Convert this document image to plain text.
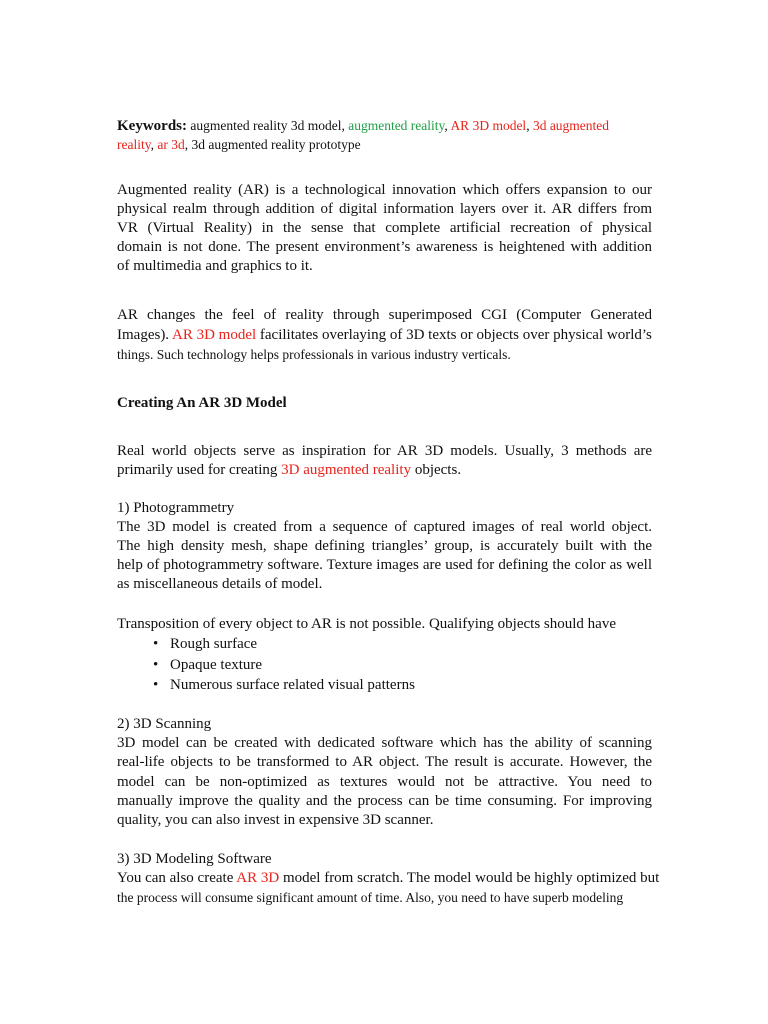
Keywords: augmented reality 3d model, augmented reality, AR 3D model, 3d augmented
reality, ar 3d, 3d augmented reality prototype
Augmented reality (AR) is a technological innovation which offers expansion to our
physical realm through addition of digital information layers over it. AR differs from
VR (Virtual Reality) in the sense that complete artificial recreation of physical
domain is not done. The present environment’s awareness is heightened with addition
of multimedia and graphics to it.
AR changes the feel of reality through superimposed CGI (Computer Generated
Images). AR 3D model facilitates overlaying of 3D texts or objects over physical world’s
things. Such technology helps professionals in various industry verticals.
Creating An AR 3D Model
Real world objects serve as inspiration for AR 3D models. Usually, 3 methods are
primarily used for creating 3D augmented reality objects.
1) Photogrammetry
The 3D model is created from a sequence of captured images of real world object.
The high density mesh, shape defining triangles’ group, is accurately built with the
help of photogrammetry software. Texture images are used for defining the color as well
as miscellaneous details of model.
Transposition of every object to AR is not possible. Qualifying objects should have
• Rough surface
• Opaque texture
• Numerous surface related visual patterns
2) 3D Scanning
3D model can be created with dedicated software which has the ability of scanning
real-life objects to be transformed to AR object. The result is accurate. However, the
model can be non-optimized as textures would not be attractive. You need to
manually improve the quality and the process can be time consuming. For improving
quality, you can also invest in expensive 3D scanner.
3) 3D Modeling Software
You can also create AR 3D model from scratch. The model would be highly optimized but
the process will consume significant amount of time. Also, you need to have superb modeling
